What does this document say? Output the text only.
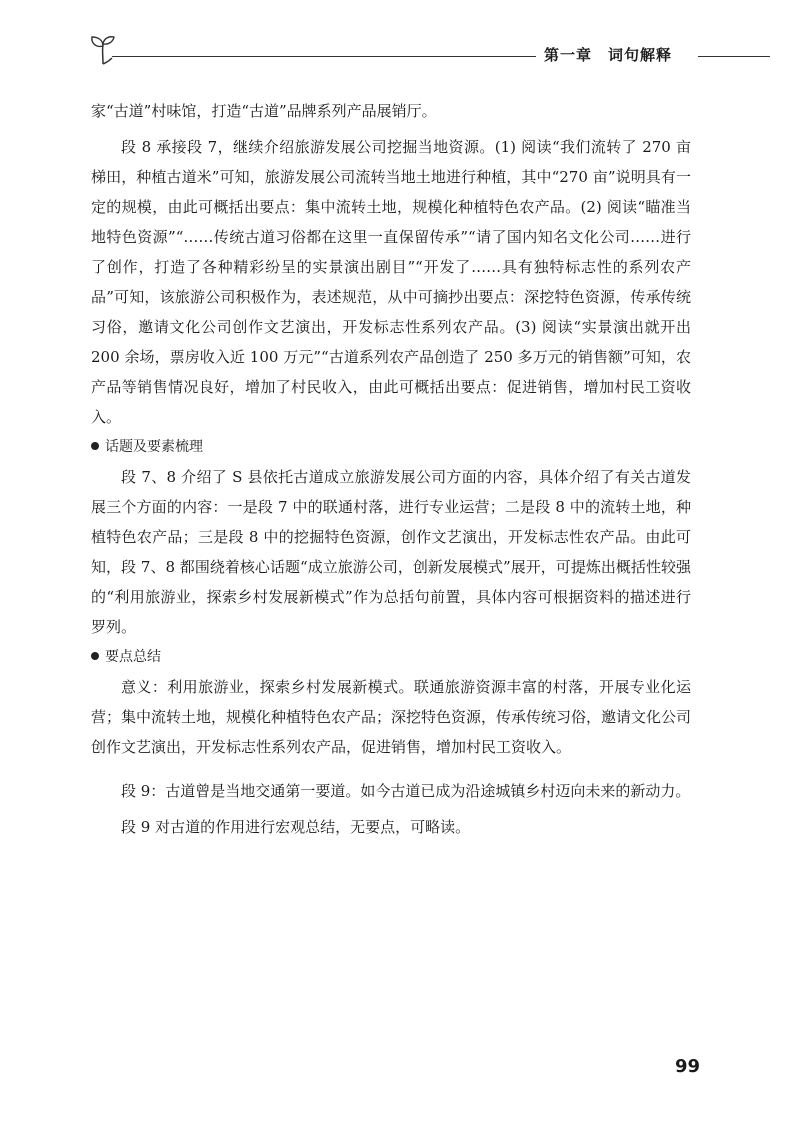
第一章 词句解释

家“古道”村味馆，打造“古道”品牌系列产品展销厅。

段 8 承接段 7，继续介绍旅游发展公司挖掘当地资源。(1) 阅读“我们流转了 270 亩梯田，种植古道米”可知，旅游发展公司流转当地土地进行种植，其中“270 亩”说明具有一定的规模，由此可概括出要点：集中流转土地，规模化种植特色农产品。(2) 阅读“瞄准当地特色资源”“……传统古道习俗都在这里一直保留传承”“请了国内知名文化公司……进行了创作，打造了各种精彩纷呈的实景演出剧目”“开发了……具有独特标志性的系列农产品”可知，该旅游公司积极作为，表述规范，从中可摘抄出要点：深挖特色资源，传承传统习俗，邀请文化公司创作文艺演出，开发标志性系列农产品。(3) 阅读“实景演出就开出 200 余场，票房收入近 100 万元”“古道系列农产品创造了 250 多万元的销售额”可知，农产品等销售情况良好，增加了村民收入，由此可概括出要点：促进销售，增加村民工资收入。

话题及要素梳理

段 7、8 介绍了 S 县依托古道成立旅游发展公司方面的内容，具体介绍了有关古道发展三个方面的内容：一是段 7 中的联通村落，进行专业运营；二是段 8 中的流转土地，种植特色农产品；三是段 8 中的挖掘特色资源，创作文艺演出，开发标志性农产品。由此可知，段 7、8 都围绕着核心话题“成立旅游公司，创新发展模式”展开，可提炼出概括性较强的“利用旅游业，探索乡村发展新模式”作为总括句前置，具体内容可根据资料的描述进行罗列。

要点总结

意义：利用旅游业，探索乡村发展新模式。联通旅游资源丰富的村落，开展专业化运营；集中流转土地，规模化种植特色农产品；深挖特色资源，传承传统习俗，邀请文化公司创作文艺演出，开发标志性系列农产品，促进销售，增加村民工资收入。

段 9：古道曾是当地交通第一要道。如今古道已成为沿途城镇乡村迈向未来的新动力。

段 9 对古道的作用进行宏观总结，无要点，可略读。

99
